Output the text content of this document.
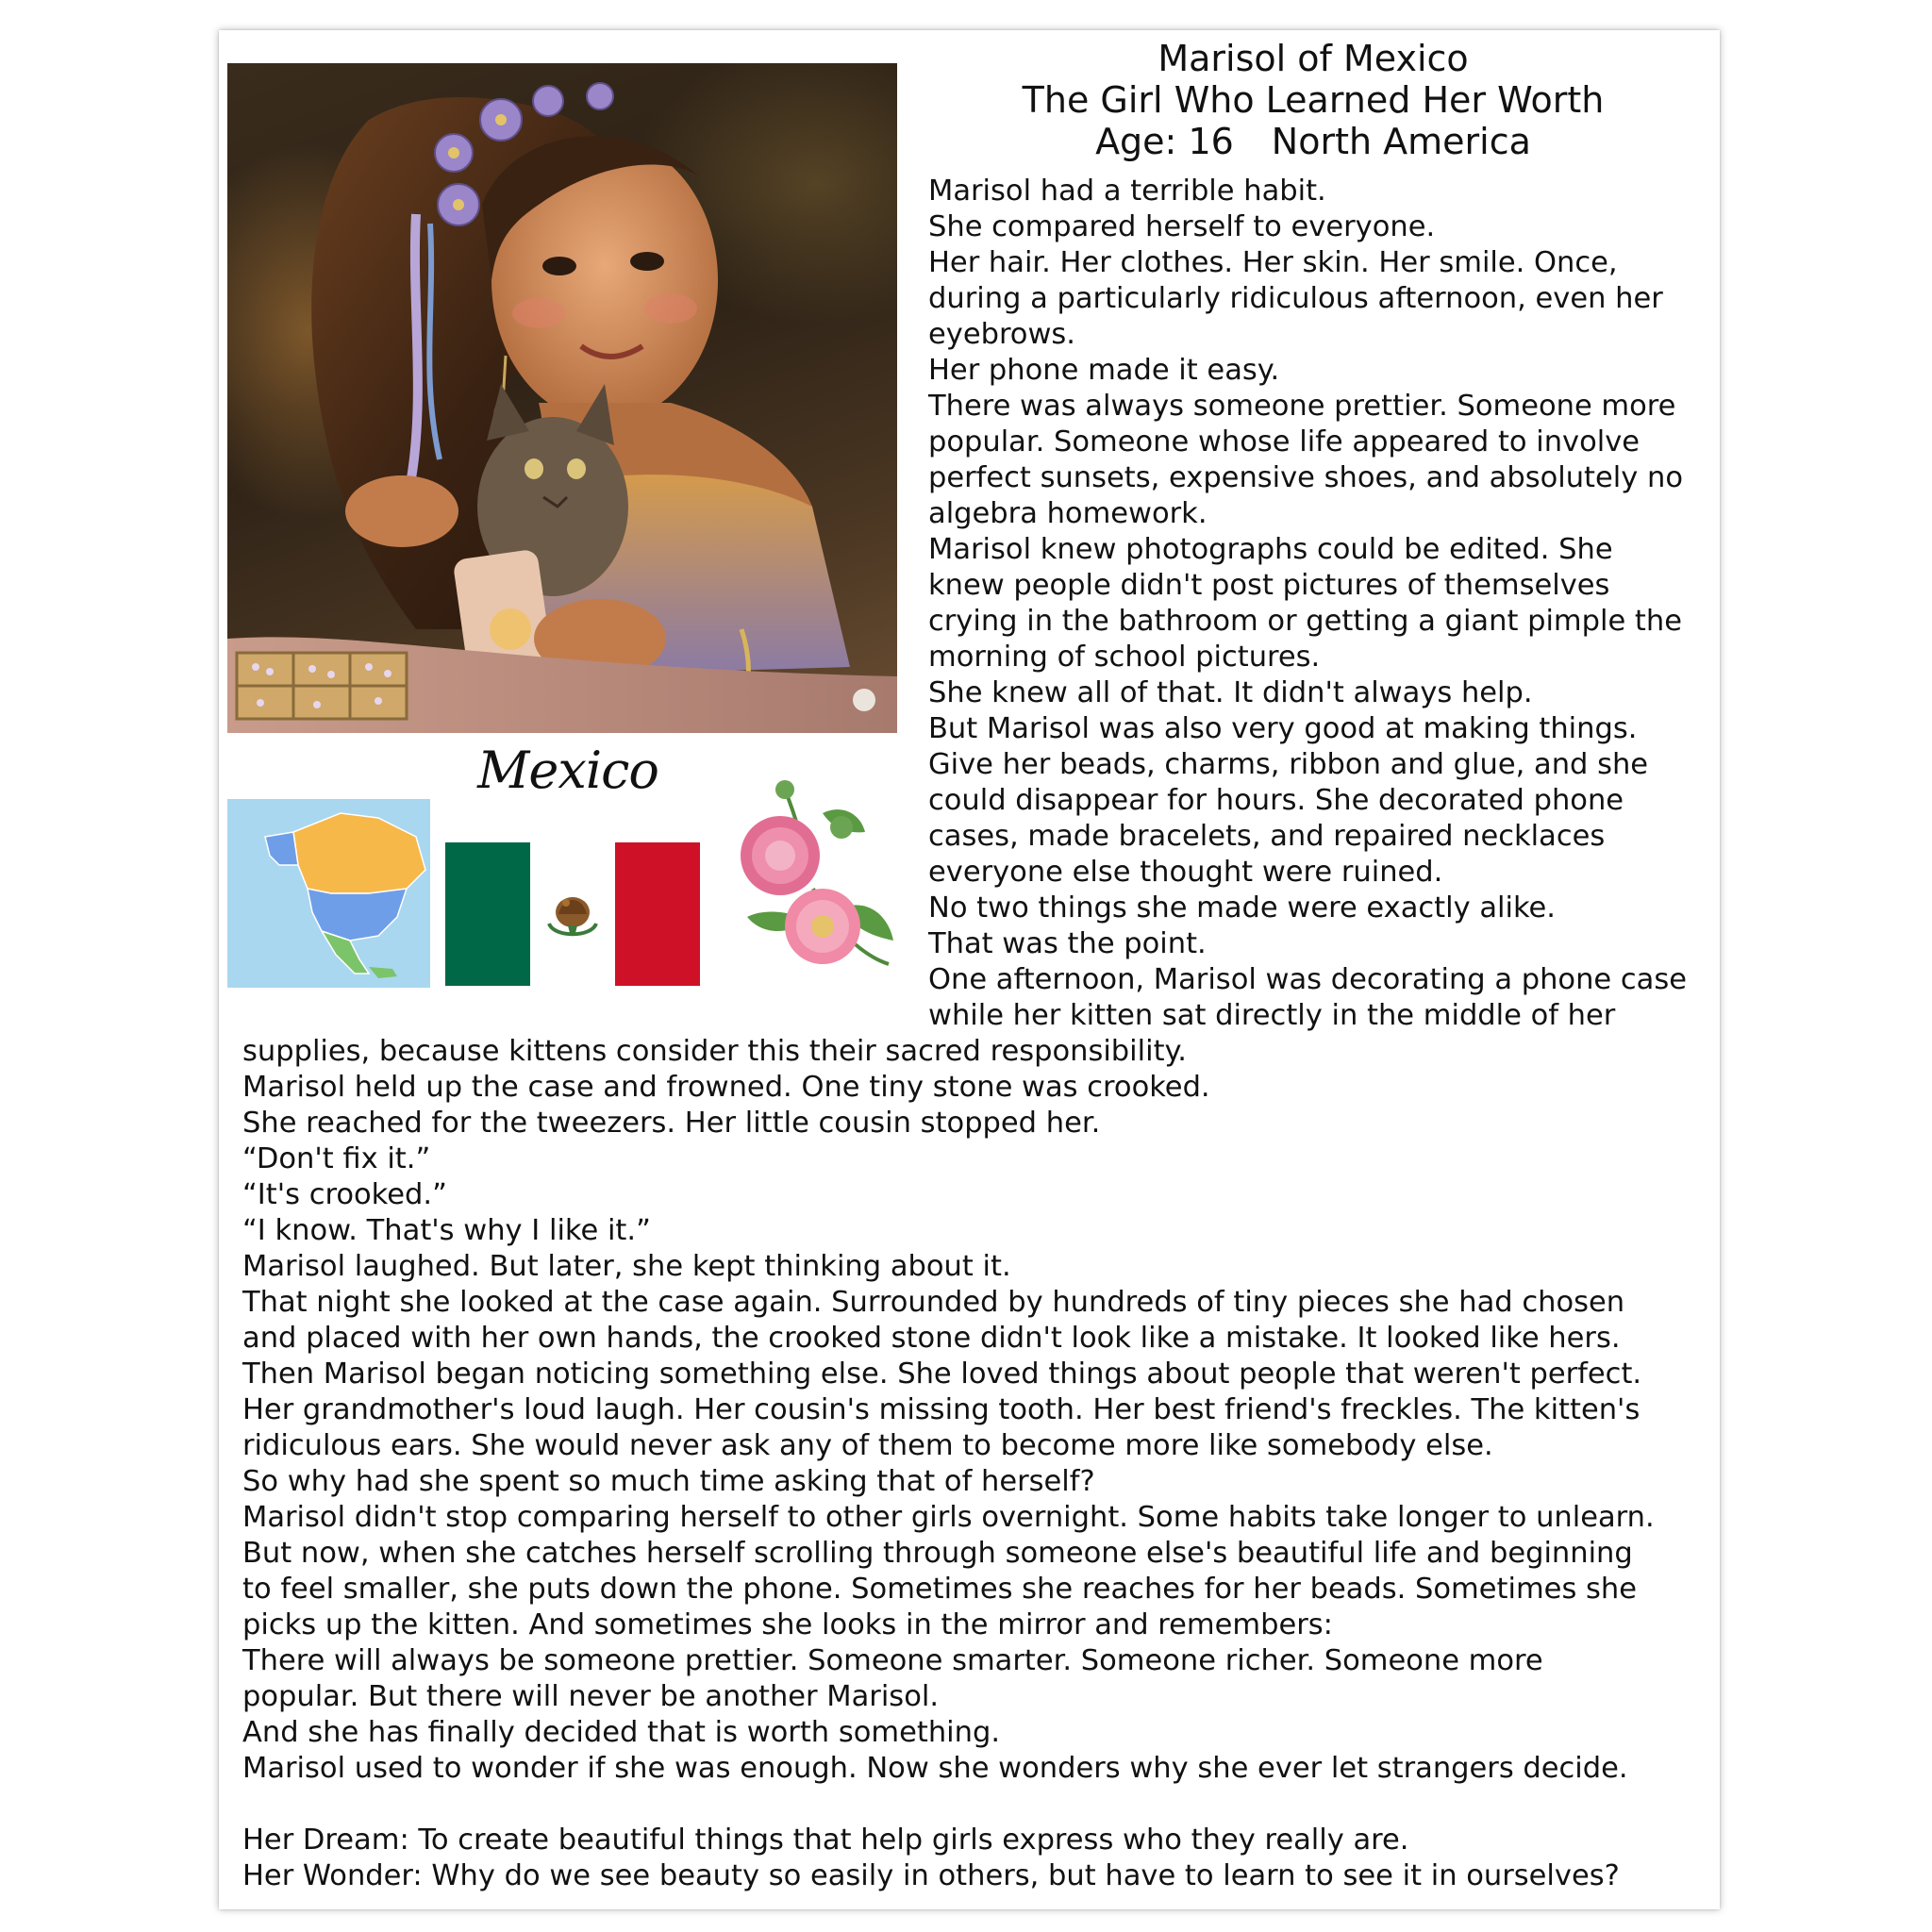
Marisol of Mexico
The Girl Who Learned Her Worth
Age: 16 North America
Mexico
Marisol had a terrible habit.
She compared herself to everyone.
Her hair. Her clothes. Her skin. Her smile. Once,
during a particularly ridiculous afternoon, even her
eyebrows.
Her phone made it easy.
There was always someone prettier. Someone more
popular. Someone whose life appeared to involve
perfect sunsets, expensive shoes, and absolutely no
algebra homework.
Marisol knew photographs could be edited. She
knew people didn't post pictures of themselves
crying in the bathroom or getting a giant pimple the
morning of school pictures.
She knew all of that. It didn't always help.
But Marisol was also very good at making things.
Give her beads, charms, ribbon and glue, and she
could disappear for hours. She decorated phone
cases, made bracelets, and repaired necklaces
everyone else thought were ruined.
No two things she made were exactly alike.
That was the point.
One afternoon, Marisol was decorating a phone case
while her kitten sat directly in the middle of her
supplies, because kittens consider this their sacred responsibility.
Marisol held up the case and frowned. One tiny stone was crooked.
She reached for the tweezers. Her little cousin stopped her.
“Don't fix it.”
“It's crooked.”
“I know. That's why I like it.”
Marisol laughed. But later, she kept thinking about it.
That night she looked at the case again. Surrounded by hundreds of tiny pieces she had chosen
and placed with her own hands, the crooked stone didn't look like a mistake. It looked like hers.
Then Marisol began noticing something else. She loved things about people that weren't perfect.
Her grandmother's loud laugh. Her cousin's missing tooth. Her best friend's freckles. The kitten's
ridiculous ears. She would never ask any of them to become more like somebody else.
So why had she spent so much time asking that of herself?
Marisol didn't stop comparing herself to other girls overnight. Some habits take longer to unlearn.
But now, when she catches herself scrolling through someone else's beautiful life and beginning
to feel smaller, she puts down the phone. Sometimes she reaches for her beads. Sometimes she
picks up the kitten. And sometimes she looks in the mirror and remembers:
There will always be someone prettier. Someone smarter. Someone richer. Someone more
popular. But there will never be another Marisol.
And she has finally decided that is worth something.
Marisol used to wonder if she was enough. Now she wonders why she ever let strangers decide.
Her Dream: To create beautiful things that help girls express who they really are.
Her Wonder: Why do we see beauty so easily in others, but have to learn to see it in ourselves?
